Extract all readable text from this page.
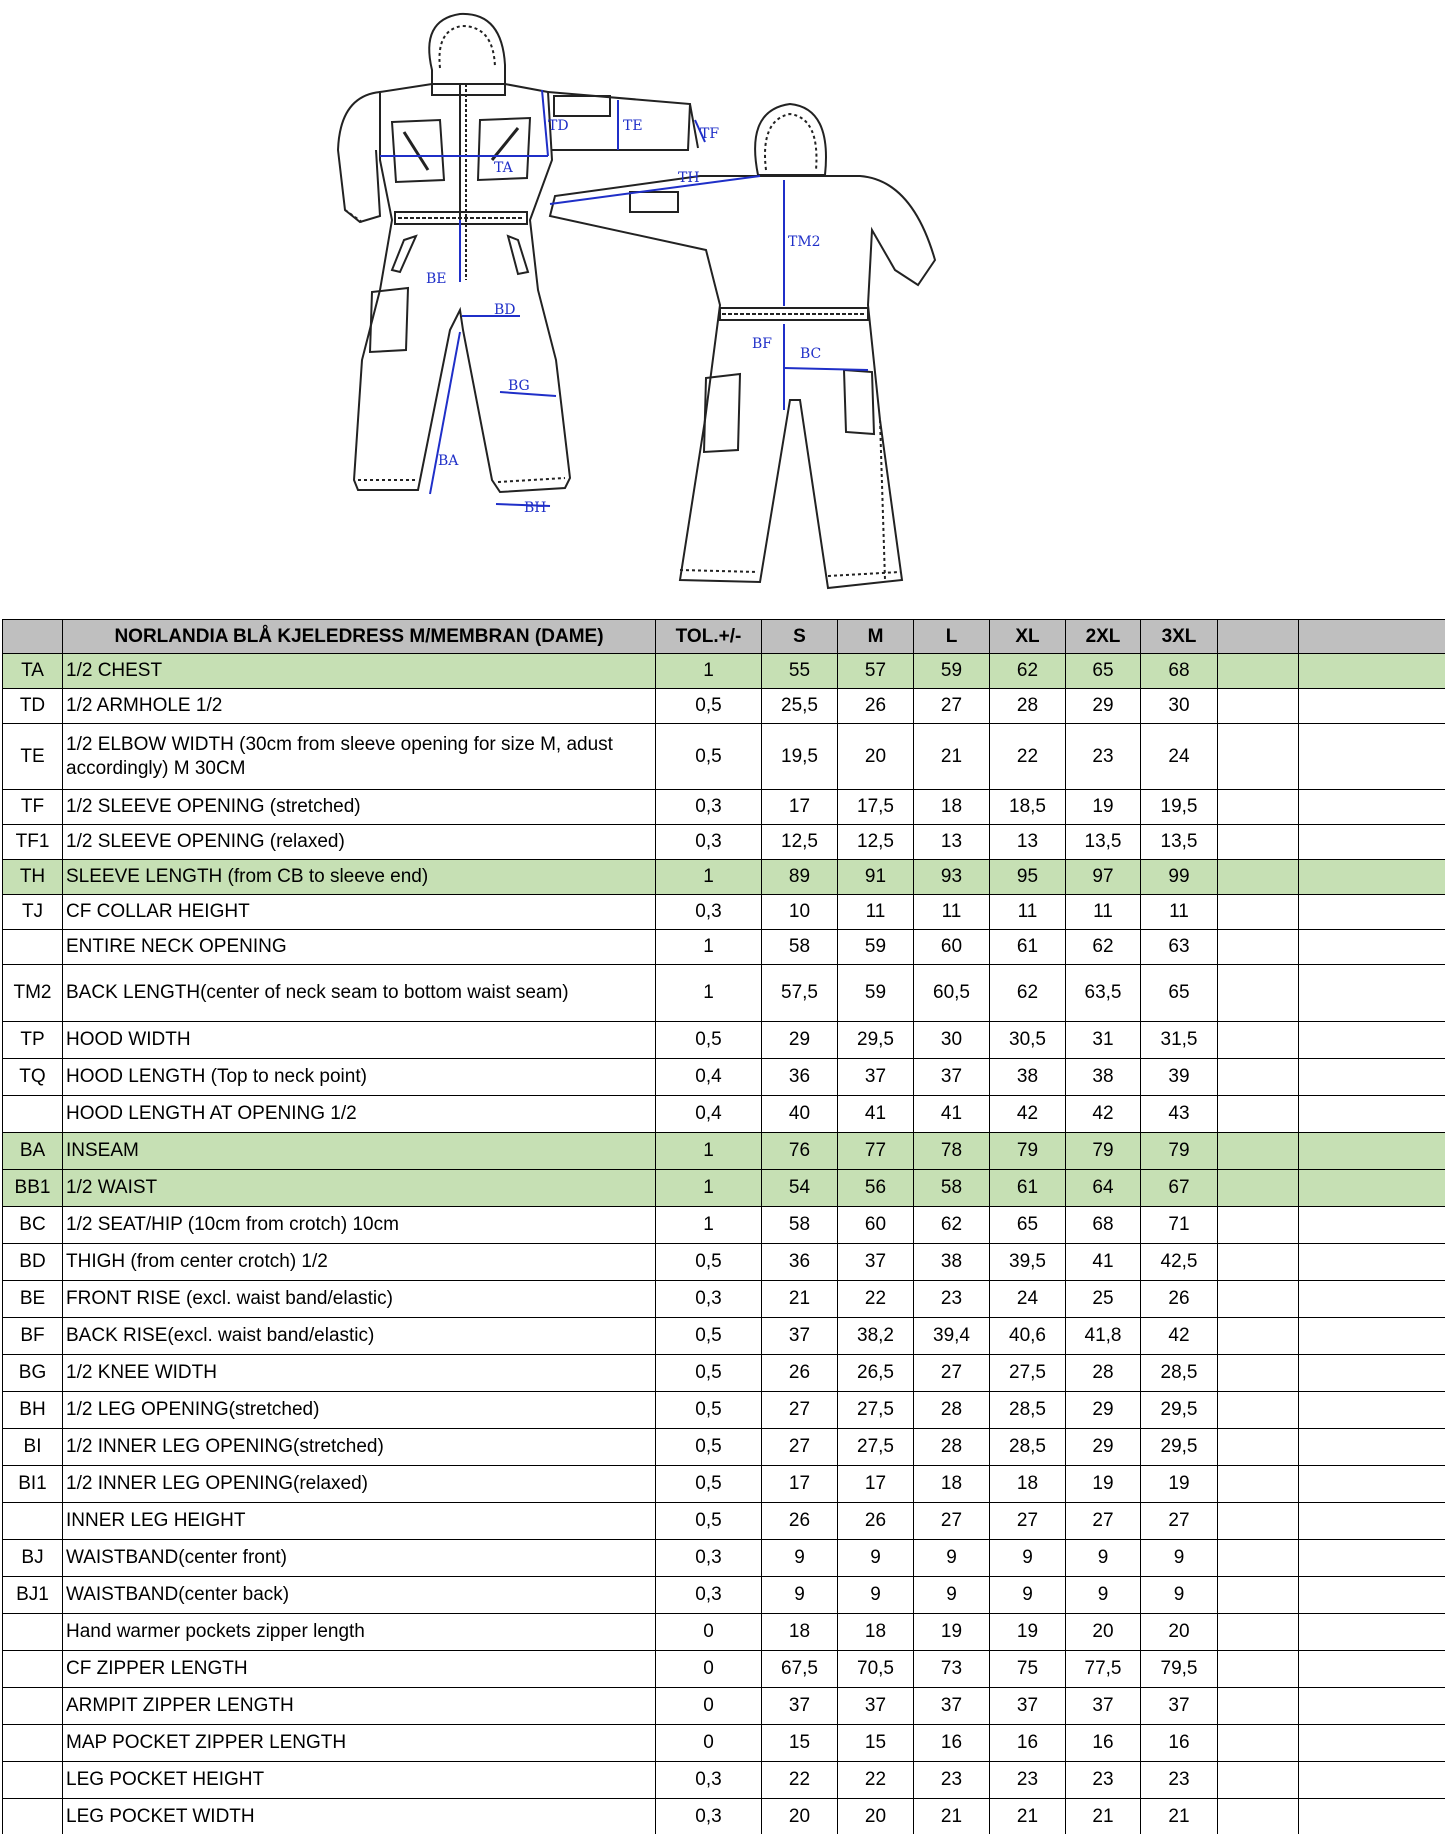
TD	TE	TF
TA
BE
BD
BG
BA
BH
TH
TM2
BF
BC
	NORLANDIA BLÅ KJELEDRESS M/MEMBRAN (DAME)	TOL.+/-	S	M	L	XL	2XL	3XL		
TA	1/2 CHEST	1	55	57	59	62	65	68		
TD	1/2 ARMHOLE 1/2	0,5	25,5	26	27	28	29	30		
TE	1/2 ELBOW WIDTH (30cm from sleeve opening for size M, adust accordingly) M 30CM	0,5	19,5	20	21	22	23	24		
TF	1/2 SLEEVE OPENING (stretched)	0,3	17	17,5	18	18,5	19	19,5		
TF1	1/2 SLEEVE OPENING (relaxed)	0,3	12,5	12,5	13	13	13,5	13,5		
TH	SLEEVE LENGTH (from CB to sleeve end)	1	89	91	93	95	97	99		
TJ	CF COLLAR HEIGHT	0,3	10	11	11	11	11	11		
	ENTIRE NECK OPENING	1	58	59	60	61	62	63		
TM2	BACK LENGTH(center of neck seam to bottom waist seam)	1	57,5	59	60,5	62	63,5	65		
TP	HOOD WIDTH	0,5	29	29,5	30	30,5	31	31,5		
TQ	HOOD LENGTH (Top to neck point)	0,4	36	37	37	38	38	39		
	HOOD LENGTH AT OPENING 1/2	0,4	40	41	41	42	42	43		
BA	INSEAM	1	76	77	78	79	79	79		
BB1	1/2 WAIST	1	54	56	58	61	64	67		
BC	1/2 SEAT/HIP (10cm from crotch) 10cm	1	58	60	62	65	68	71		
BD	THIGH (from center crotch) 1/2	0,5	36	37	38	39,5	41	42,5		
BE	FRONT RISE (excl. waist band/elastic)	0,3	21	22	23	24	25	26		
BF	BACK RISE(excl. waist band/elastic)	0,5	37	38,2	39,4	40,6	41,8	42		
BG	1/2 KNEE WIDTH	0,5	26	26,5	27	27,5	28	28,5		
BH	1/2 LEG OPENING(stretched)	0,5	27	27,5	28	28,5	29	29,5		
BI	1/2 INNER LEG OPENING(stretched)	0,5	27	27,5	28	28,5	29	29,5		
BI1	1/2 INNER LEG OPENING(relaxed)	0,5	17	17	18	18	19	19		
	INNER LEG HEIGHT	0,5	26	26	27	27	27	27		
BJ	WAISTBAND(center front)	0,3	9	9	9	9	9	9		
BJ1	WAISTBAND(center back)	0,3	9	9	9	9	9	9		
	Hand warmer pockets zipper length	0	18	18	19	19	20	20		
	CF ZIPPER LENGTH	0	67,5	70,5	73	75	77,5	79,5		
	ARMPIT ZIPPER LENGTH	0	37	37	37	37	37	37		
	MAP POCKET ZIPPER LENGTH	0	15	15	16	16	16	16		
	LEG POCKET HEIGHT	0,3	22	22	23	23	23	23		
	LEG POCKET WIDTH	0,3	20	20	21	21	21	21		
